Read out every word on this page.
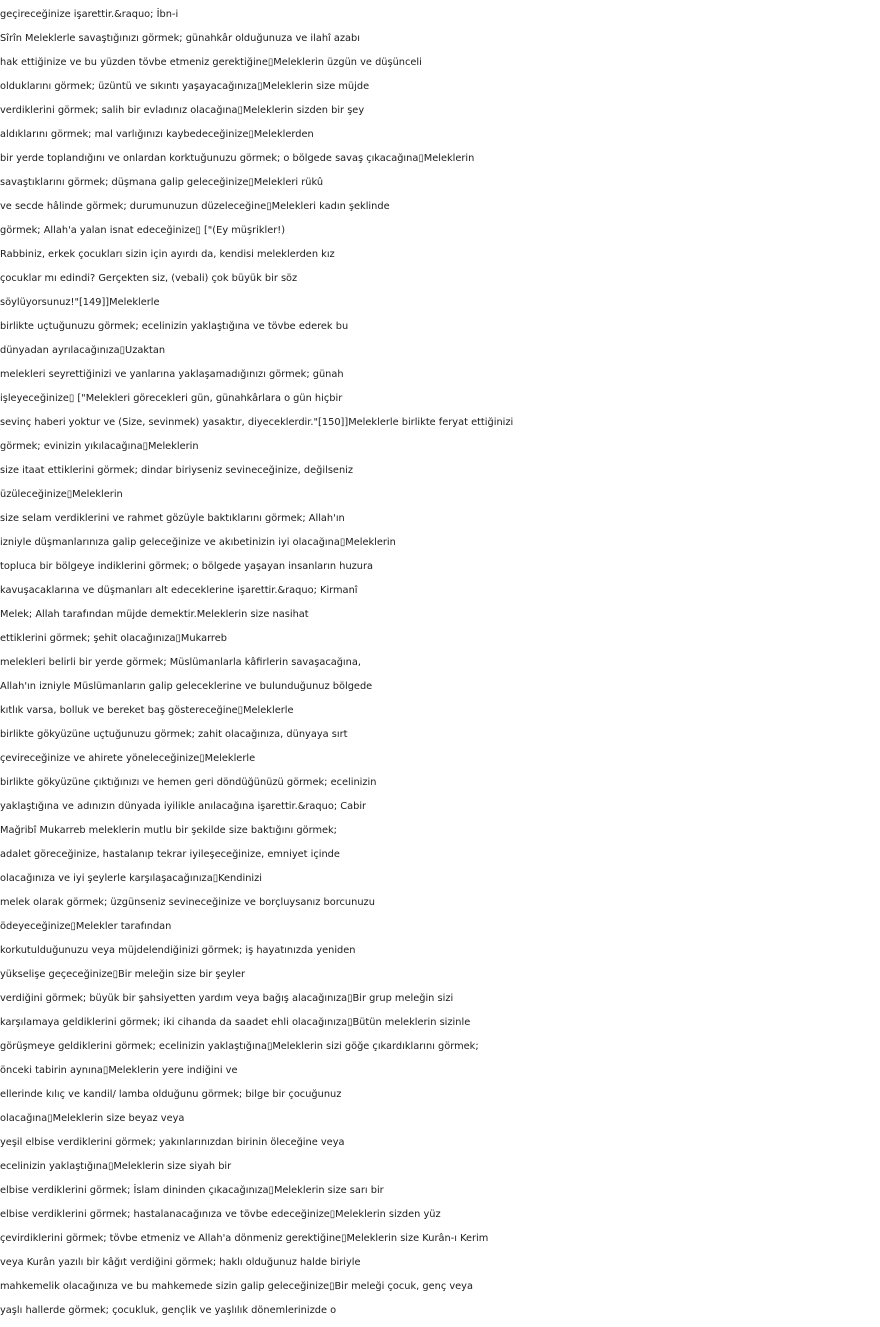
geçireceğinize işarettir.&raquo; İbn-i
Sîrîn Meleklerle savaştığınızı görmek; günahkâr olduğunuza ve ilahî azabı
hak ettiğinize ve bu yüzden tövbe etmeniz gerektiğine▯Meleklerin üzgün ve düşünceli
olduklarını görmek; üzüntü ve sıkıntı yaşayacağınıza▯Meleklerin size müjde
verdiklerini görmek; salih bir evladınız olacağına▯Meleklerin sizden bir şey
aldıklarını görmek; mal varlığınızı kaybedeceğinize▯Meleklerden
bir yerde toplandığını ve onlardan korktuğunuzu görmek; o bölgede savaş çıkacağına▯Meleklerin
savaştıklarını görmek; düşmana galip geleceğinize▯Melekleri rükû
ve secde hâlinde görmek; durumunuzun düzeleceğine▯Melekleri kadın şeklinde
görmek; Allah'a yalan isnat edeceğinize▯ ["(Ey müşrikler!)
Rabbiniz, erkek çocukları sizin için ayırdı da, kendisi meleklerden kız
çocuklar mı edindi? Gerçekten siz, (vebali) çok büyük bir söz
söylüyorsunuz!"[149]]Meleklerle
birlikte uçtuğunuzu görmek; ecelinizin yaklaştığına ve tövbe ederek bu
dünyadan ayrılacağınıza▯Uzaktan
melekleri seyrettiğinizi ve yanlarına yaklaşamadığınızı görmek; günah
işleyeceğinize▯ ["Melekleri görecekleri gün, günahkârlara o gün hiçbir
sevinç haberi yoktur ve (Size, sevinmek) yasaktır, diyeceklerdir."[150]]Meleklerle birlikte feryat ettiğinizi
görmek; evinizin yıkılacağına▯Meleklerin
size itaat ettiklerini görmek; dindar biriyseniz sevineceğinize, değilseniz
üzüleceğinize▯Meleklerin
size selam verdiklerini ve rahmet gözüyle baktıklarını görmek; Allah'ın
izniyle düşmanlarınıza galip geleceğinize ve akıbetinizin iyi olacağına▯Meleklerin
topluca bir bölgeye indiklerini görmek; o bölgede yaşayan insanların huzura
kavuşacaklarına ve düşmanları alt edeceklerine işarettir.&raquo; Kirmanî
Melek; Allah tarafından müjde demektir.Meleklerin size nasihat
ettiklerini görmek; şehit olacağınıza▯Mukarreb
melekleri belirli bir yerde görmek; Müslümanlarla kâfirlerin savaşacağına,
Allah'ın izniyle Müslümanların galip geleceklerine ve bulunduğunuz bölgede
kıtlık varsa, bolluk ve bereket baş göstereceğine▯Meleklerle
birlikte gökyüzüne uçtuğunuzu görmek; zahit olacağınıza, dünyaya sırt
çevireceğinize ve ahirete yöneleceğinize▯Meleklerle
birlikte gökyüzüne çıktığınızı ve hemen geri döndüğünüzü görmek; ecelinizin
yaklaştığına ve adınızın dünyada iyilikle anılacağına işarettir.&raquo; Cabir
Mağribî Mukarreb meleklerin mutlu bir şekilde size baktığını görmek;
adalet göreceğinize, hastalanıp tekrar iyileşeceğinize, emniyet içinde
olacağınıza ve iyi şeylerle karşılaşacağınıza▯Kendinizi
melek olarak görmek; üzgünseniz sevineceğinize ve borçluysanız borcunuzu
ödeyeceğinize▯Melekler tarafından
korkutulduğunuzu veya müjdelendiğinizi görmek; iş hayatınızda yeniden
yükselişe geçeceğinize▯Bir meleğin size bir şeyler
verdiğini görmek; büyük bir şahsiyetten yardım veya bağış alacağınıza▯Bir grup meleğin sizi
karşılamaya geldiklerini görmek; iki cihanda da saadet ehli olacağınıza▯Bütün meleklerin sizinle
görüşmeye geldiklerini görmek; ecelinizin yaklaştığına▯Meleklerin sizi göğe çıkardıklarını görmek;
önceki tabirin aynına▯Meleklerin yere indiğini ve
ellerinde kılıç ve kandil/ lamba olduğunu görmek; bilge bir çocuğunuz
olacağına▯Meleklerin size beyaz veya
yeşil elbise verdiklerini görmek; yakınlarınızdan birinin öleceğine veya
ecelinizin yaklaştığına▯Meleklerin size siyah bir
elbise verdiklerini görmek; İslam dininden çıkacağınıza▯Meleklerin size sarı bir
elbise verdiklerini görmek; hastalanacağınıza ve tövbe edeceğinize▯Meleklerin sizden yüz
çevirdiklerini görmek; tövbe etmeniz ve Allah'a dönmeniz gerektiğine▯Meleklerin size Kurân-ı Kerim
veya Kurân yazılı bir kâğıt verdiğini görmek; haklı olduğunuz halde biriyle
mahkemelik olacağınıza ve bu mahkemede sizin galip geleceğinize▯Bir meleği çocuk, genç veya
yaşlı hallerde görmek; çocukluk, gençlik ve yaşlılık dönemlerinizde o
